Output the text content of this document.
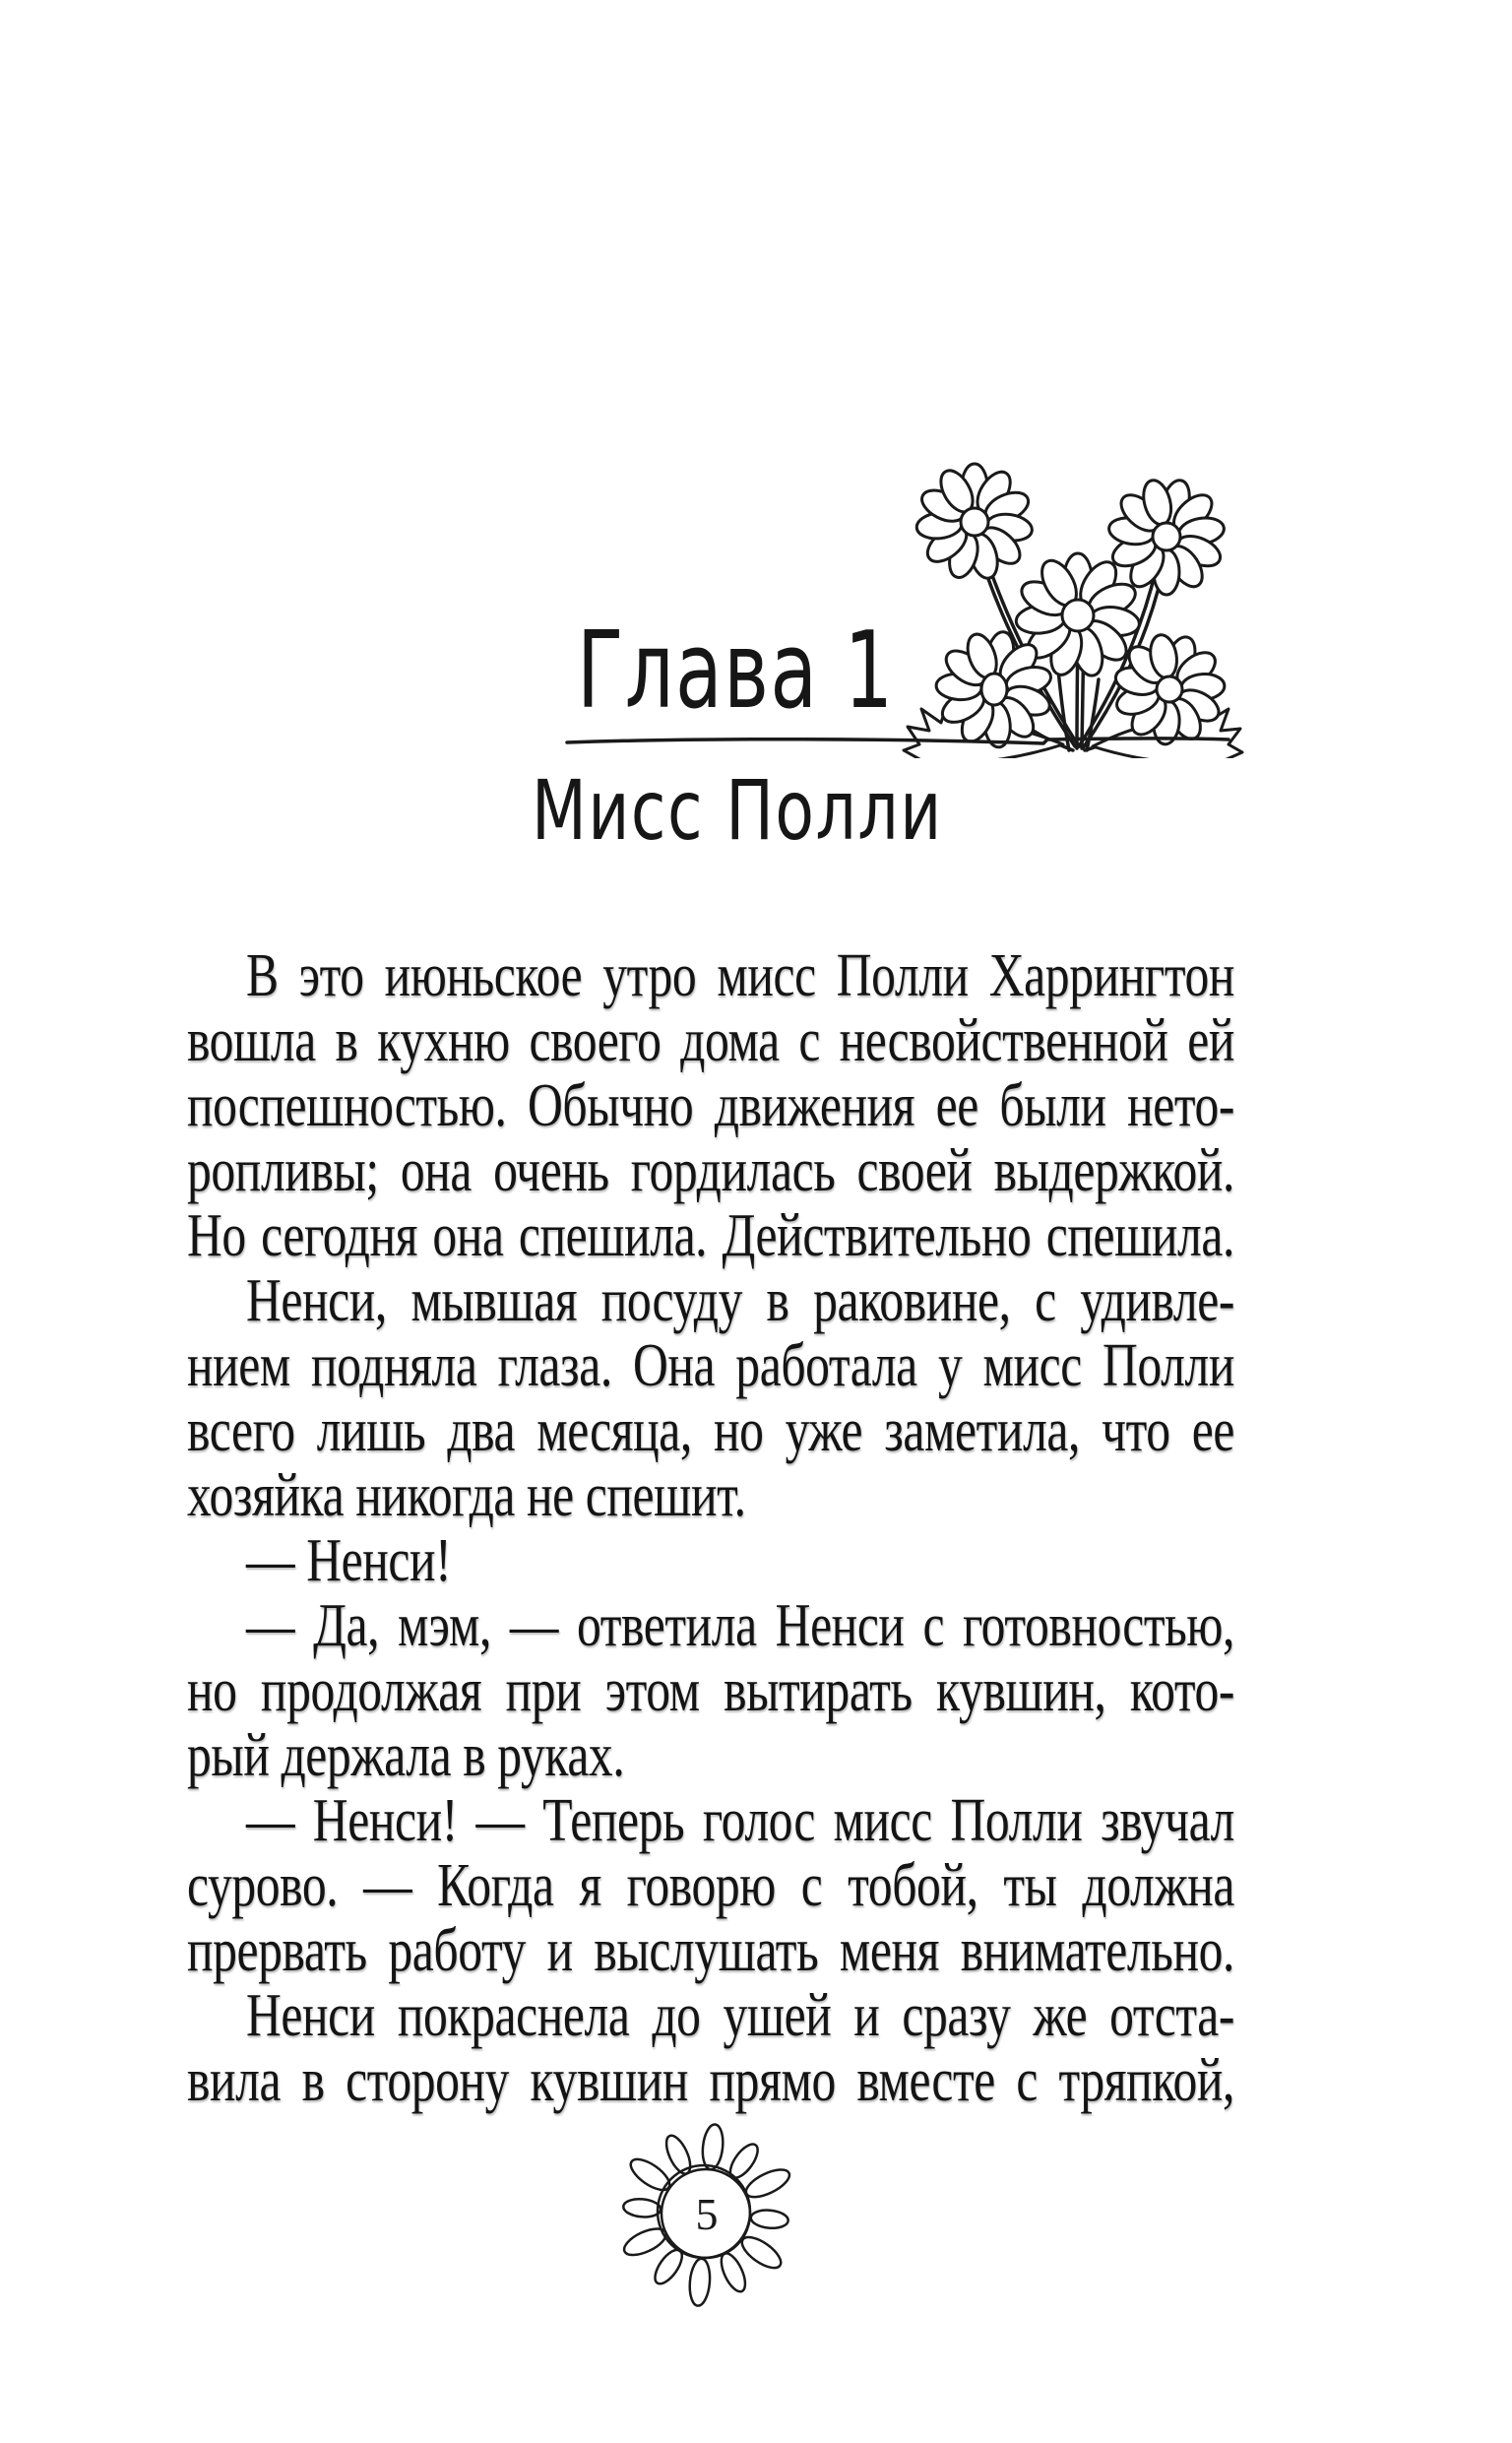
Глава 1
Мисс Полли
В это июньское утро мисс Полли Харрингтон
вошла в кухню своего дома с несвойственной ей
поспешностью. Обычно движения ее были нето-
ропливы; она очень гордилась своей выдержкой.
Но сегодня она спешила. Действительно спешила.
Ненси, мывшая посуду в раковине, с удивле-
нием подняла глаза. Она работала у мисс Полли
всего лишь два месяца, но уже заметила, что ее
хозяйка никогда не спешит.
— Ненси!
— Да, мэм, — ответила Ненси с готовностью,
но продолжая при этом вытирать кувшин, кото-
рый держала в руках.
— Ненси! — Теперь голос мисс Полли звучал
сурово. — Когда я говорю с тобой, ты должна
прервать работу и выслушать меня внимательно.
Ненси покраснела до ушей и сразу же отста-
вила в сторону кувшин прямо вместе с тряпкой,
5
